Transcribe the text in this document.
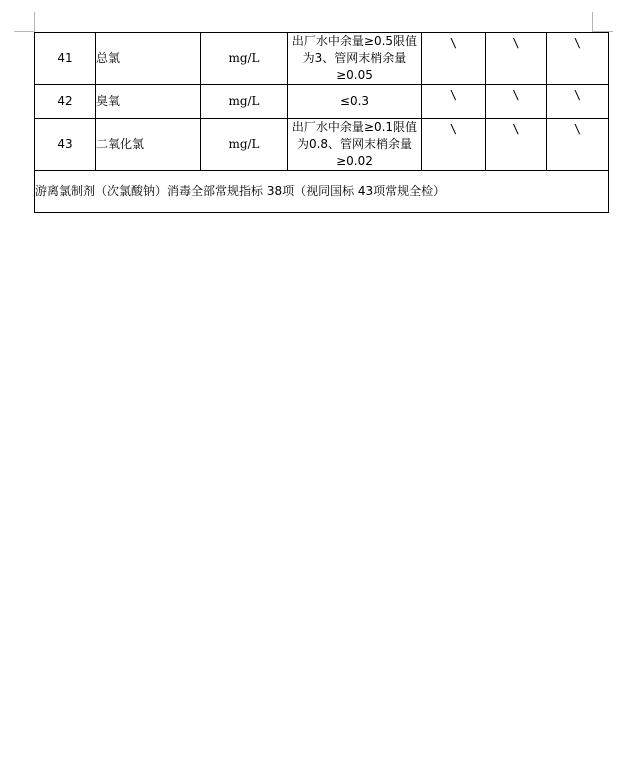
41	总氯	mg/L	出厂水中余量≥0.5限值为3、管网末梢余量≥0.05	\	\	\
42	臭氧	mg/L	≤0.3	\	\	\
43	二氧化氯	mg/L	出厂水中余量≥0.1限值为0.8、管网末梢余量≥0.02	\	\	\
游离氯制剂（次氯酸钠）消毒全部常规指标 38项（视同国标 43项常规全检）						
